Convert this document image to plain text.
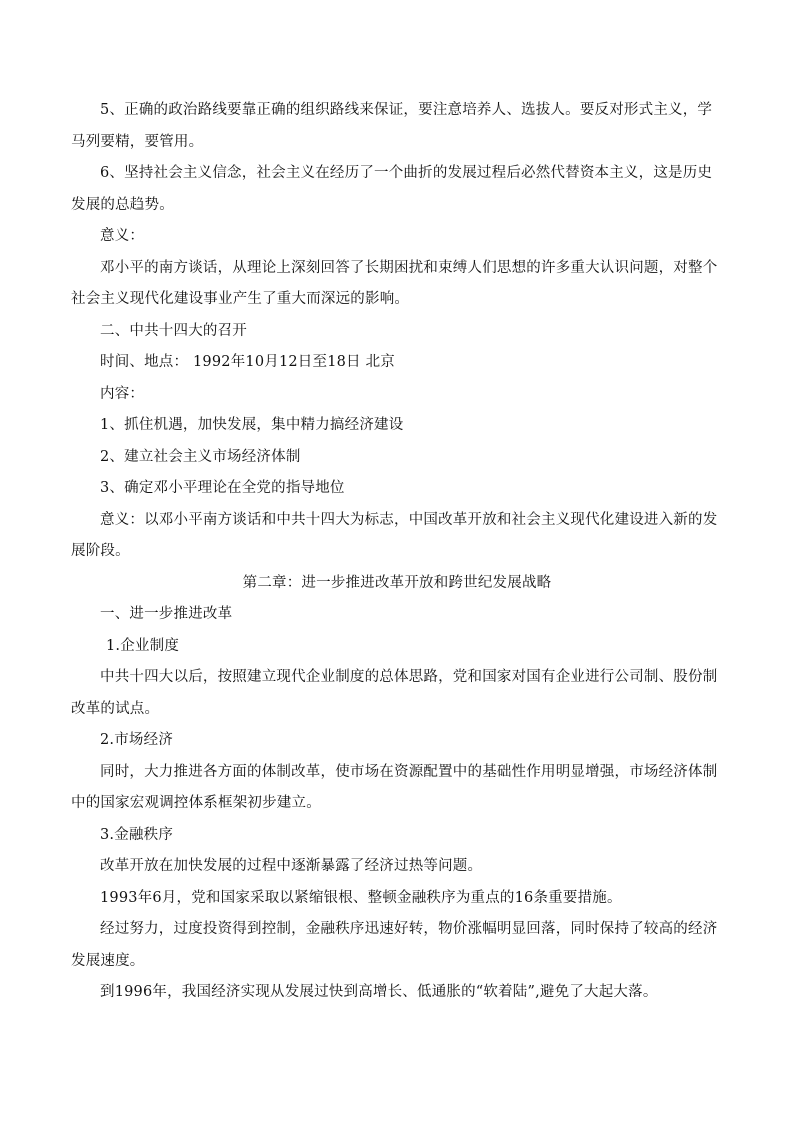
5、正确的政治路线要靠正确的组织路线来保证，要注意培养人、选拔人。要反对形式主义，学马列要精，要管用。

6、坚持社会主义信念，社会主义在经历了一个曲折的发展过程后必然代替资本主义，这是历史发展的总趋势。

意义：

邓小平的南方谈话，从理论上深刻回答了长期困扰和束缚人们思想的许多重大认识问题，对整个社会主义现代化建设事业产生了重大而深远的影响。

二、中共十四大的召开

时间、地点： 1992年10月12日至18日 北京

内容：

1、抓住机遇，加快发展，集中精力搞经济建设

2、建立社会主义市场经济体制

3、确定邓小平理论在全党的指导地位

意义：以邓小平南方谈话和中共十四大为标志，中国改革开放和社会主义现代化建设进入新的发展阶段。

第二章：进一步推进改革开放和跨世纪发展战略

一、进一步推进改革

1.企业制度

中共十四大以后，按照建立现代企业制度的总体思路，党和国家对国有企业进行公司制、股份制改革的试点。

2.市场经济

同时，大力推进各方面的体制改革，使市场在资源配置中的基础性作用明显增强，市场经济体制中的国家宏观调控体系框架初步建立。

3.金融秩序

改革开放在加快发展的过程中逐渐暴露了经济过热等问题。

1993年6月，党和国家采取以紧缩银根、整顿金融秩序为重点的16条重要措施。

经过努力，过度投资得到控制，金融秩序迅速好转，物价涨幅明显回落，同时保持了较高的经济发展速度。

到1996年，我国经济实现从发展过快到高增长、低通胀的“软着陆”,避免了大起大落。
